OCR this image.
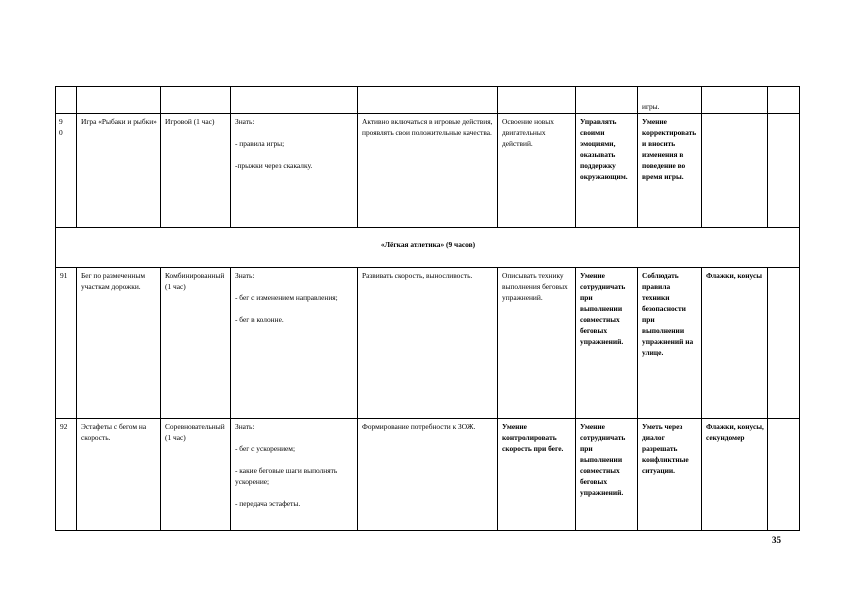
							игры.		
9
0	Игра «Рыбаки и рыбки»	Игровой (1 час)	Знать:
- правила игры;
-прыжки через скакалку.	Активно включаться в игровые действия, проявлять свои положительные качества.	Освоение новых двигательных действий.	Управлять своими эмоциями, оказывать поддержку окружающим.	Умение корректировать и вносить изменения в поведение во время игры.		
«Лёгкая атлетика» (9 часов)									
91	Бег по размеченным участкам дорожки.	Комбинированный (1 час)	Знать:
- бег с изменением направления;
- бег в колонне.	Развивать скорость, выносливость.	Описывать технику выполнения беговых упражнений.	Умение сотрудничать при выполнении совместных беговых упражнений.	Соблюдать правила техники безопасности при выполнении упражнений на улице.	Флажки, конусы	
92	Эстафеты с бегом на скорость.	Соревновательный (1 час)	Знать:
- бег с ускорением;
- какие беговые шаги выполнять ускорение;
- передача эстафеты.	Формирование потребности к ЗОЖ.	Умение контролировать скорость при беге.	Умение сотрудничать при выполнении совместных беговых упражнений.	Уметь через диалог разрешать конфликтные ситуации.	Флажки, конусы, секундомер	
35
